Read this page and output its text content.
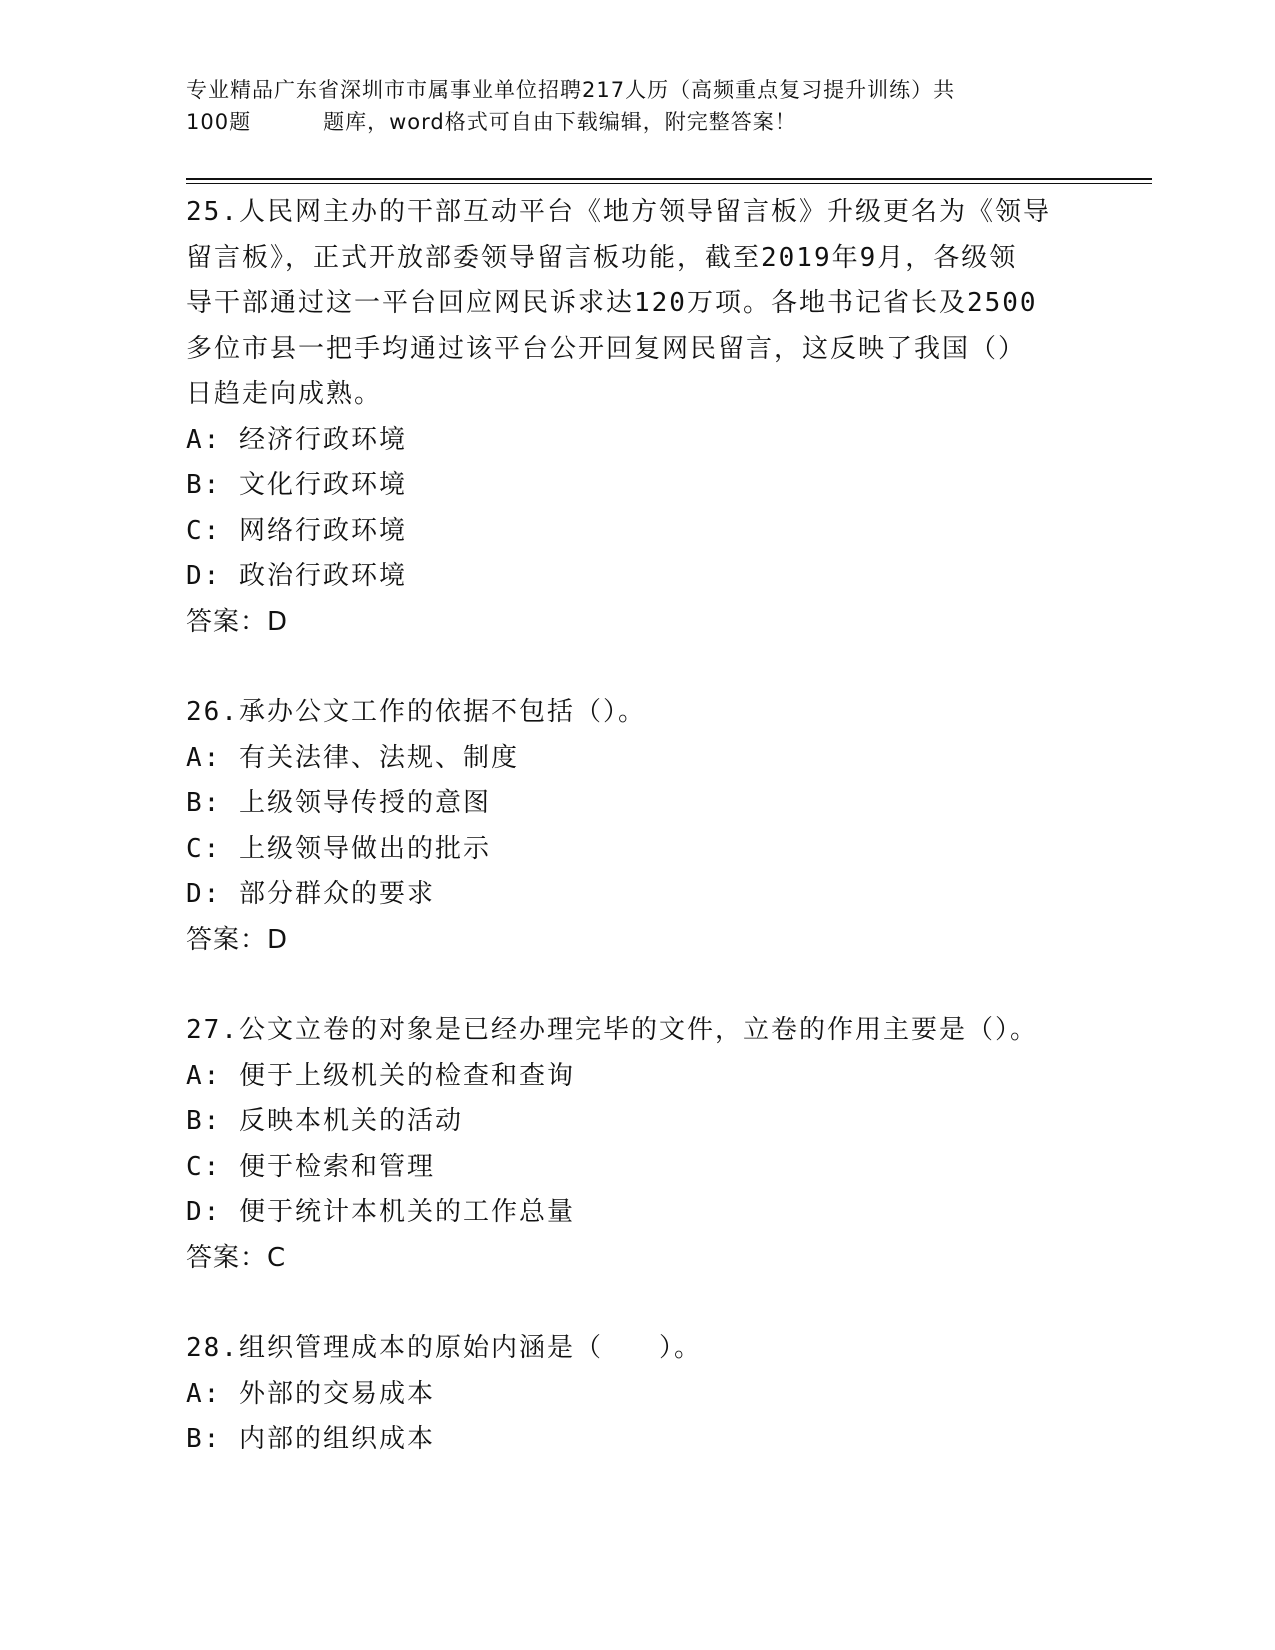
专业精品广东省深圳市市属事业单位招聘217人历（高频重点复习提升训练）共
100题	题库，word格式可自由下载编辑，附完整答案！

25.人民网主办的干部互动平台《地方领导留言板》升级更名为《领导

留言板》，正式开放部委领导留言板功能，截至2019年9月，各级领

导干部通过这一平台回应网民诉求达120万项。各地书记省长及2500

多位市县一把手均通过该平台公开回复网民留言，这反映了我国（）

日趋走向成熟。

A: 经济行政环境

B: 文化行政环境

C: 网络行政环境

D: 政治行政环境

答案：D

26.承办公文工作的依据不包括（）。

A: 有关法律、法规、制度

B: 上级领导传授的意图

C: 上级领导做出的批示

D: 部分群众的要求

答案：D

27.公文立卷的对象是已经办理完毕的文件，立卷的作用主要是（）。

A: 便于上级机关的检查和查询

B: 反映本机关的活动

C: 便于检索和管理

D: 便于统计本机关的工作总量

答案：C

28.组织管理成本的原始内涵是（　　）。

A: 外部的交易成本

B: 内部的组织成本
